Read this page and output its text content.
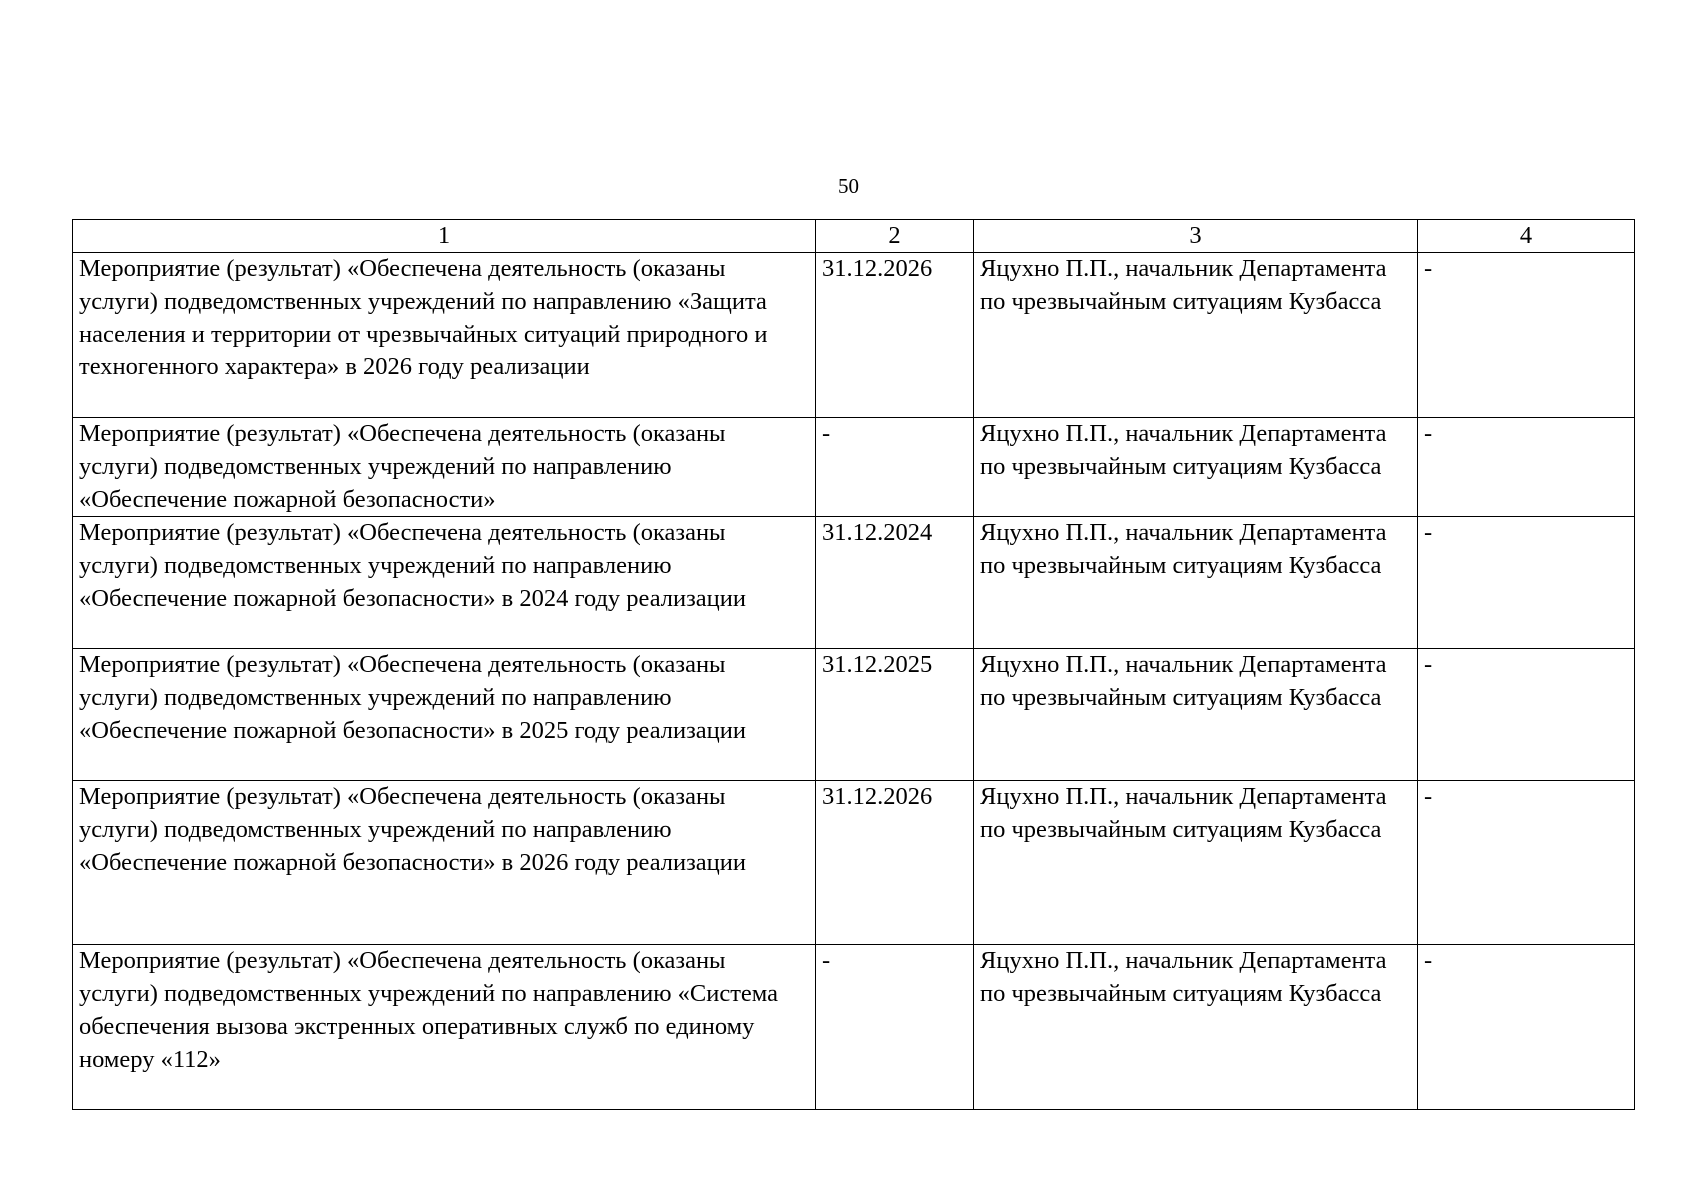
50
1	2	3	4
Мероприятие (результат) «Обеспечена деятельность (оказаны услуги) подведомственных учреждений по направлению «Защита населения и территории от чрезвычайных ситуаций природного и техногенного характера» в 2026 году реализации	31.12.2026	Яцухно П.П., начальник Департамента по чрезвычайным ситуациям Кузбасса	-
Мероприятие (результат) «Обеспечена деятельность (оказаны услуги) подведомственных учреждений по направлению «Обеспечение пожарной безопасности»	-	Яцухно П.П., начальник Департамента по чрезвычайным ситуациям Кузбасса	-
Мероприятие (результат) «Обеспечена деятельность (оказаны услуги) подведомственных учреждений по направлению «Обеспечение пожарной безопасности» в 2024 году реализации	31.12.2024	Яцухно П.П., начальник Департамента по чрезвычайным ситуациям Кузбасса	-
Мероприятие (результат) «Обеспечена деятельность (оказаны услуги) подведомственных учреждений по направлению «Обеспечение пожарной безопасности» в 2025 году реализации	31.12.2025	Яцухно П.П., начальник Департамента по чрезвычайным ситуациям Кузбасса	-
Мероприятие (результат) «Обеспечена деятельность (оказаны услуги) подведомственных учреждений по направлению «Обеспечение пожарной безопасности» в 2026 году реализации	31.12.2026	Яцухно П.П., начальник Департамента по чрезвычайным ситуациям Кузбасса	-
Мероприятие (результат) «Обеспечена деятельность (оказаны услуги) подведомственных учреждений по направлению «Система обеспечения вызова экстренных оперативных служб по единому номеру «112»	-	Яцухно П.П., начальник Департамента по чрезвычайным ситуациям Кузбасса	-
